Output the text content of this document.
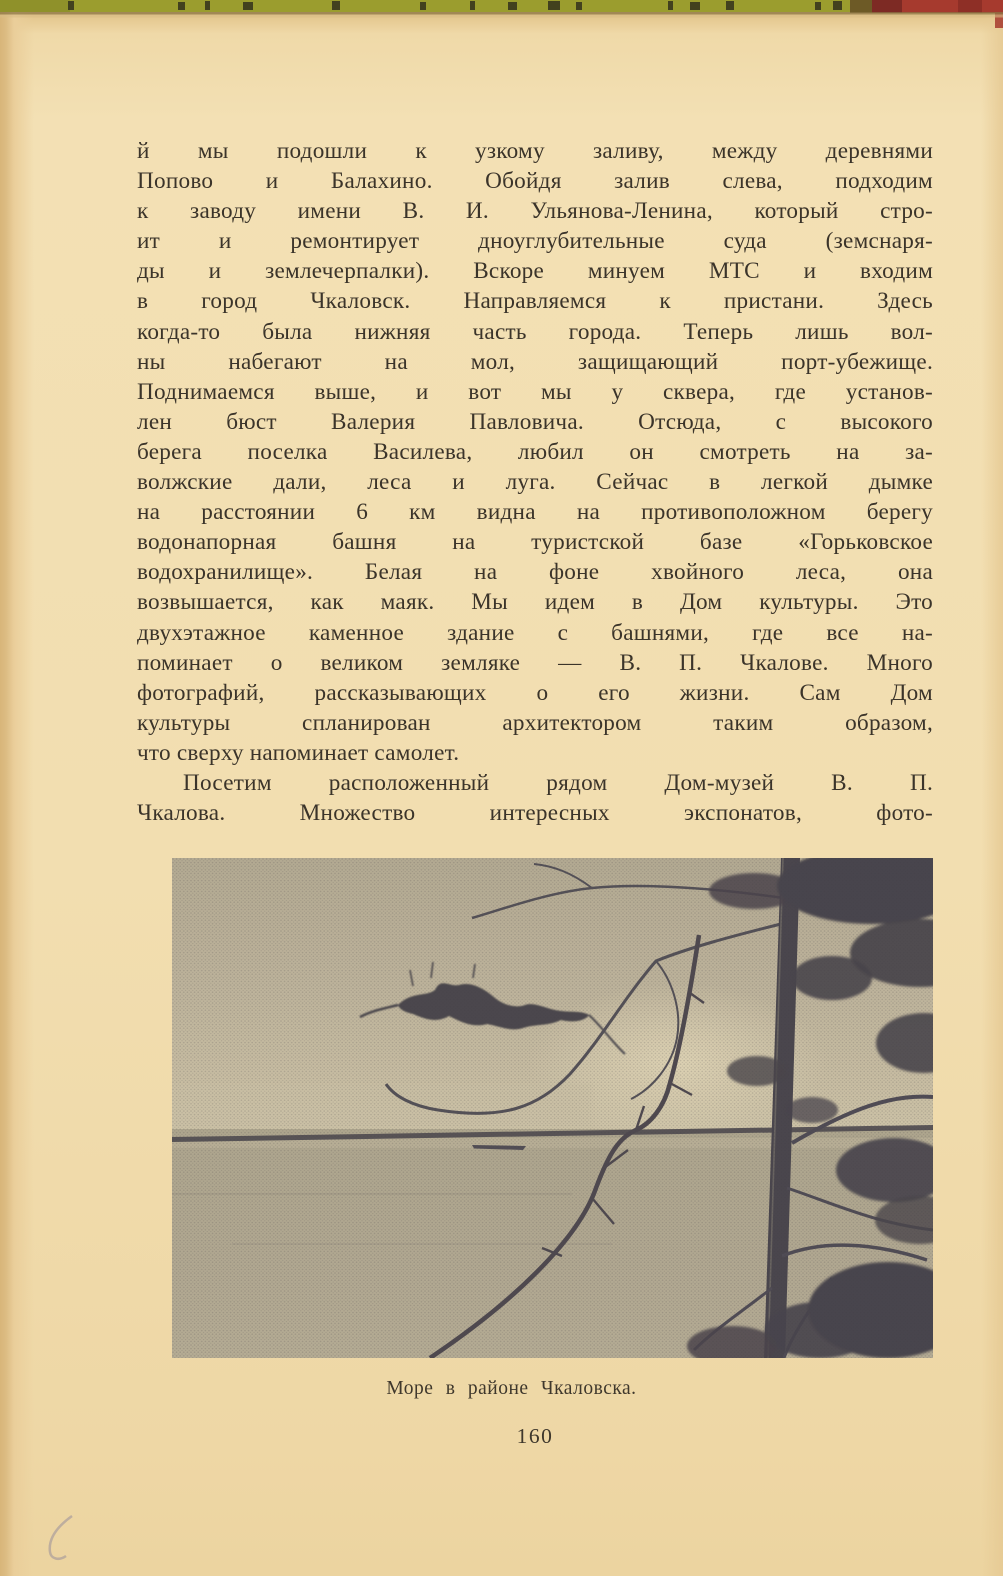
й мы подошли к узкому заливу, между деревнями
Попово и Балахино. Обойдя залив слева, подходим
к заводу имени В. И. Ульянова-Ленина, который стро-
ит и ремонтирует дноуглубительные суда (земснаря-
ды и землечерпалки). Вскоре минуем МТС и входим
в город Чкаловск. Направляемся к пристани. Здесь
когда-то была нижняя часть города. Теперь лишь вол-
ны набегают на мол, защищающий порт-убежище.
Поднимаемся выше, и вот мы у сквера, где установ-
лен бюст Валерия Павловича. Отсюда, с высокого
берега поселка Василева, любил он смотреть на за-
волжские дали, леса и луга. Сейчас в легкой дымке
на расстоянии 6 км видна на противоположном берегу
водонапорная башня на туристской базе «Горьковское
водохранилище». Белая на фоне хвойного леса, она
возвышается, как маяк. Мы идем в Дом культуры. Это
двухэтажное каменное здание с башнями, где все на-
поминает о великом земляке — В. П. Чкалове. Много
фотографий, рассказывающих о его жизни. Сам Дом
культуры спланирован архитектором таким образом,
что сверху напоминает самолет.
Посетим расположенный рядом Дом-музей В. П.
Чкалова. Множество интересных экспонатов, фото-
Море в районе Чкаловска.
160
